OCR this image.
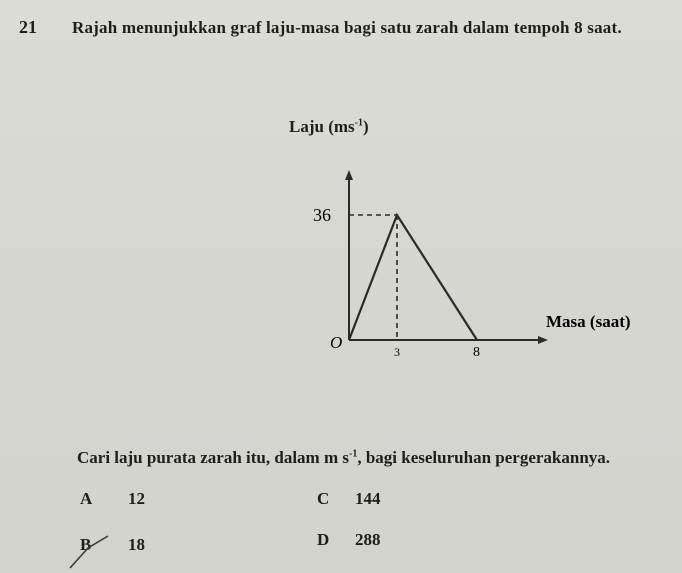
21 Rajah menunjukkan graf laju-masa bagi satu zarah dalam tempoh 8 saat.
Laju $(ms^{-1})$
O
36
3	8
Masa (saat)
Cari laju purata zarah itu, dalam m $s^{-1}$, bagi keseluruhan pergerakannya.
A 12
B 18
C 144
D 288
